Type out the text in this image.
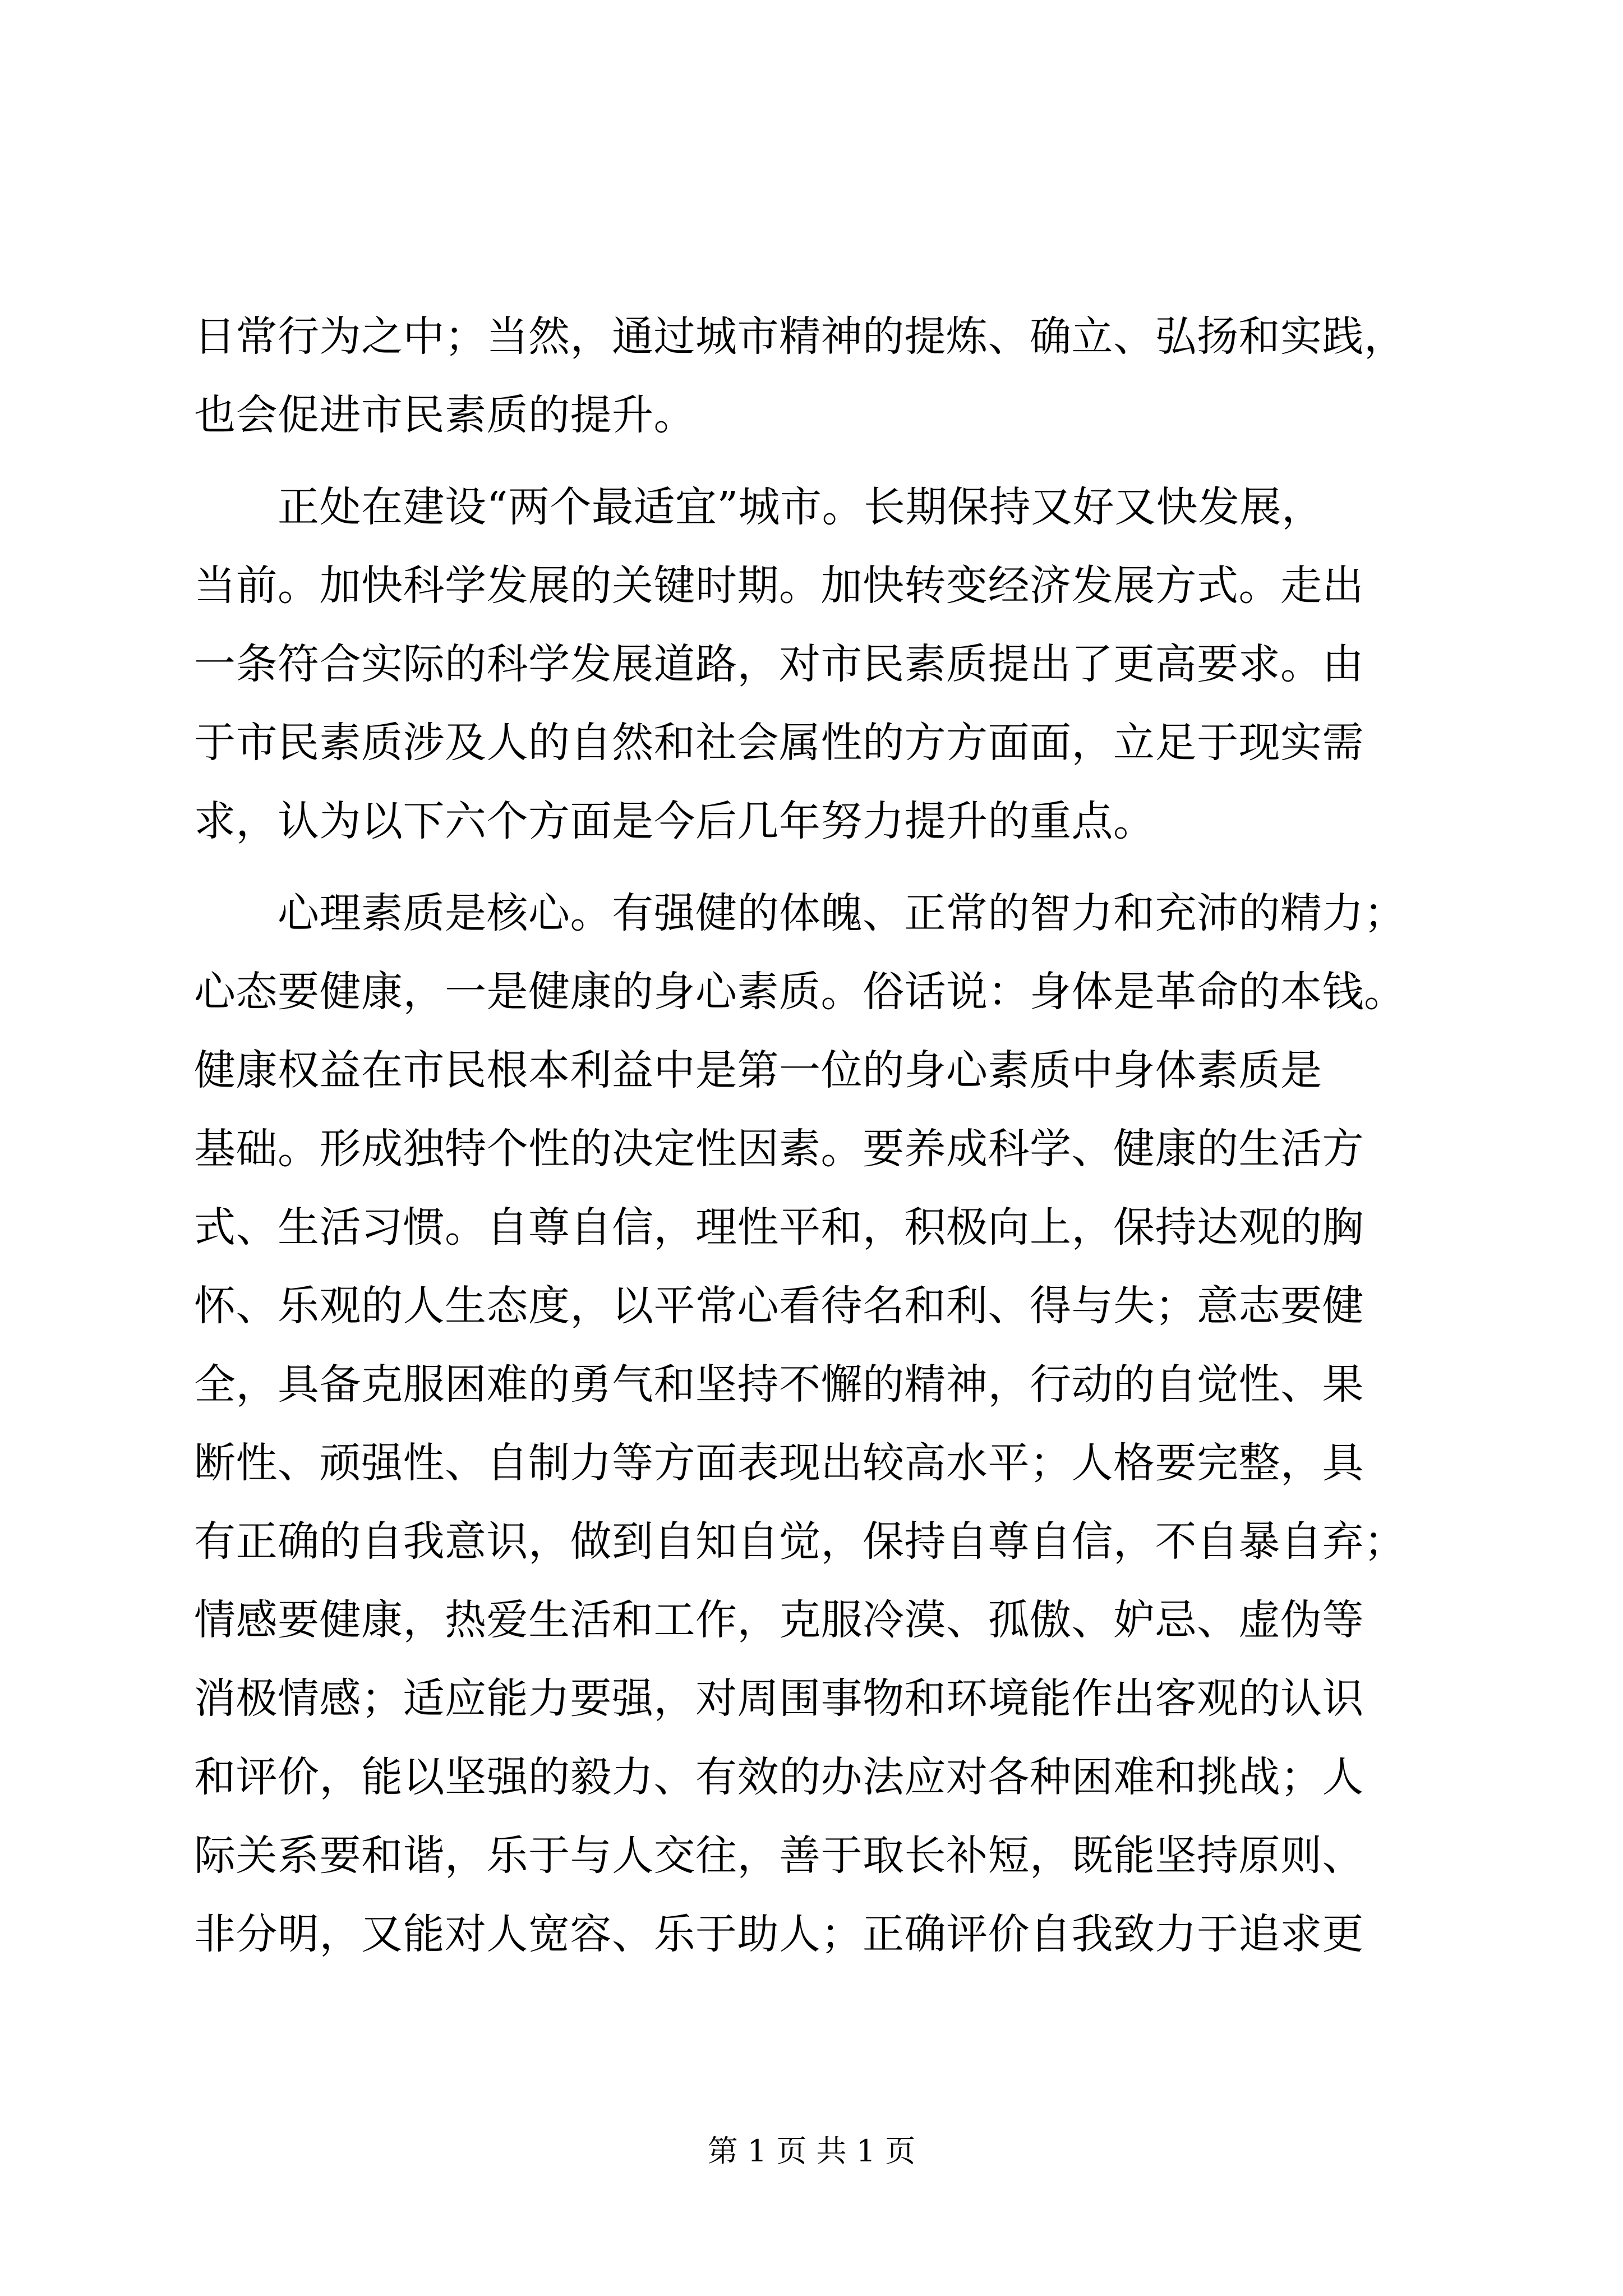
日常行为之中；当然，通过城市精神的提炼、确立、弘扬和实践，
也会促进市民素质的提升。
　　正处在建设“两个最适宜”城市。长期保持又好又快发展，
当前。加快科学发展的关键时期。加快转变经济发展方式。走出
一条符合实际的科学发展道路，对市民素质提出了更高要求。由
于市民素质涉及人的自然和社会属性的方方面面，立足于现实需
求，认为以下六个方面是今后几年努力提升的重点。
　　心理素质是核心。有强健的体魄、正常的智力和充沛的精力；
心态要健康，一是健康的身心素质。俗话说：身体是革命的本钱。
健康权益在市民根本利益中是第一位的身心素质中身体素质是
基础。形成独特个性的决定性因素。要养成科学、健康的生活方
式、生活习惯。自尊自信，理性平和，积极向上，保持达观的胸
怀、乐观的人生态度，以平常心看待名和利、得与失；意志要健
全，具备克服困难的勇气和坚持不懈的精神，行动的自觉性、果
断性、顽强性、自制力等方面表现出较高水平；人格要完整，具
有正确的自我意识，做到自知自觉，保持自尊自信，不自暴自弃；
情感要健康，热爱生活和工作，克服冷漠、孤傲、妒忌、虚伪等
消极情感；适应能力要强，对周围事物和环境能作出客观的认识
和评价，能以坚强的毅力、有效的办法应对各种困难和挑战；人
际关系要和谐，乐于与人交往，善于取长补短，既能坚持原则、
非分明，又能对人宽容、乐于助人；正确评价自我致力于追求更
第 1 页 共 1 页
